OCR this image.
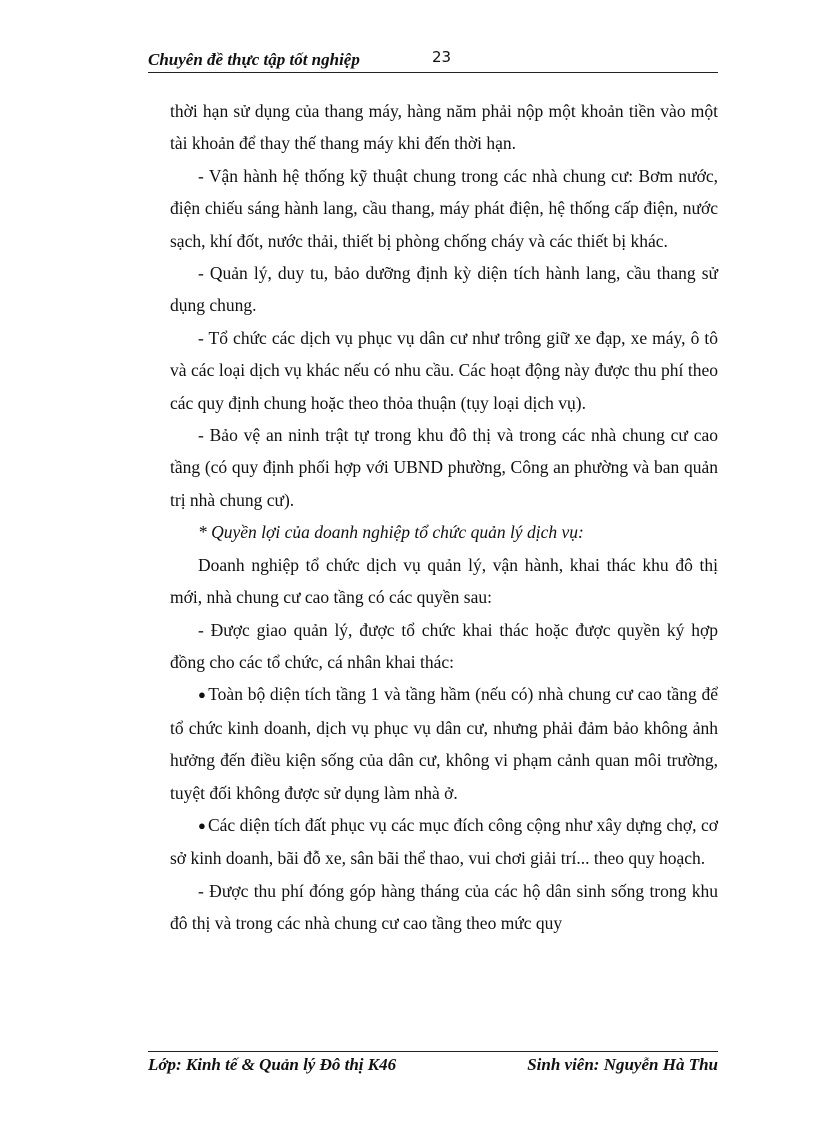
Chuyên đề thực tập tốt nghiệp	23

thời hạn sử dụng của thang máy, hàng năm phải nộp một khoản tiền vào một tài khoản để thay thế thang máy khi đến thời hạn.

- Vận hành hệ thống kỹ thuật chung trong các nhà chung cư: Bơm nước, điện chiếu sáng hành lang, cầu thang, máy phát điện, hệ thống cấp điện, nước sạch, khí đốt, nước thải, thiết bị phòng chống cháy và các thiết bị khác.

- Quản lý, duy tu, bảo dưỡng định kỳ diện tích hành lang, cầu thang sử dụng chung.

- Tổ chức các dịch vụ phục vụ dân cư như trông giữ xe đạp, xe máy, ô tô và các loại dịch vụ khác nếu có nhu cầu. Các hoạt động này được thu phí theo các quy định chung hoặc theo thỏa thuận (tụy loại dịch vụ).

- Bảo vệ an ninh trật tự trong khu đô thị và trong các nhà chung cư cao tầng (có quy định phối hợp với UBND phường, Công an phường và ban quản trị nhà chung cư).

* Quyền lợi của doanh nghiệp tổ chức quản lý dịch vụ:

Doanh nghiệp tổ chức dịch vụ quản lý, vận hành, khai thác khu đô thị mới, nhà chung cư cao tầng có các quyền sau:

- Được giao quản lý, được tổ chức khai thác hoặc được quyền ký hợp đồng cho các tổ chức, cá nhân khai thác:

● Toàn bộ diện tích tầng 1 và tầng hầm (nếu có) nhà chung cư cao tầng để tổ chức kinh doanh, dịch vụ phục vụ dân cư, nhưng phải đảm bảo không ảnh hưởng đến điều kiện sống của dân cư, không vi phạm cảnh quan môi trường, tuyệt đối không được sử dụng làm nhà ở.

● Các diện tích đất phục vụ các mục đích công cộng như xây dựng chợ, cơ sở kinh doanh, bãi đỗ xe, sân bãi thể thao, vui chơi giải trí... theo quy hoạch.

- Được thu phí đóng góp hàng tháng của các hộ dân sinh sống trong khu đô thị và trong các nhà chung cư cao tầng theo mức quy

Lớp: Kinh tế & Quản lý Đô thị K46	Sinh viên: Nguyễn Hà Thu
